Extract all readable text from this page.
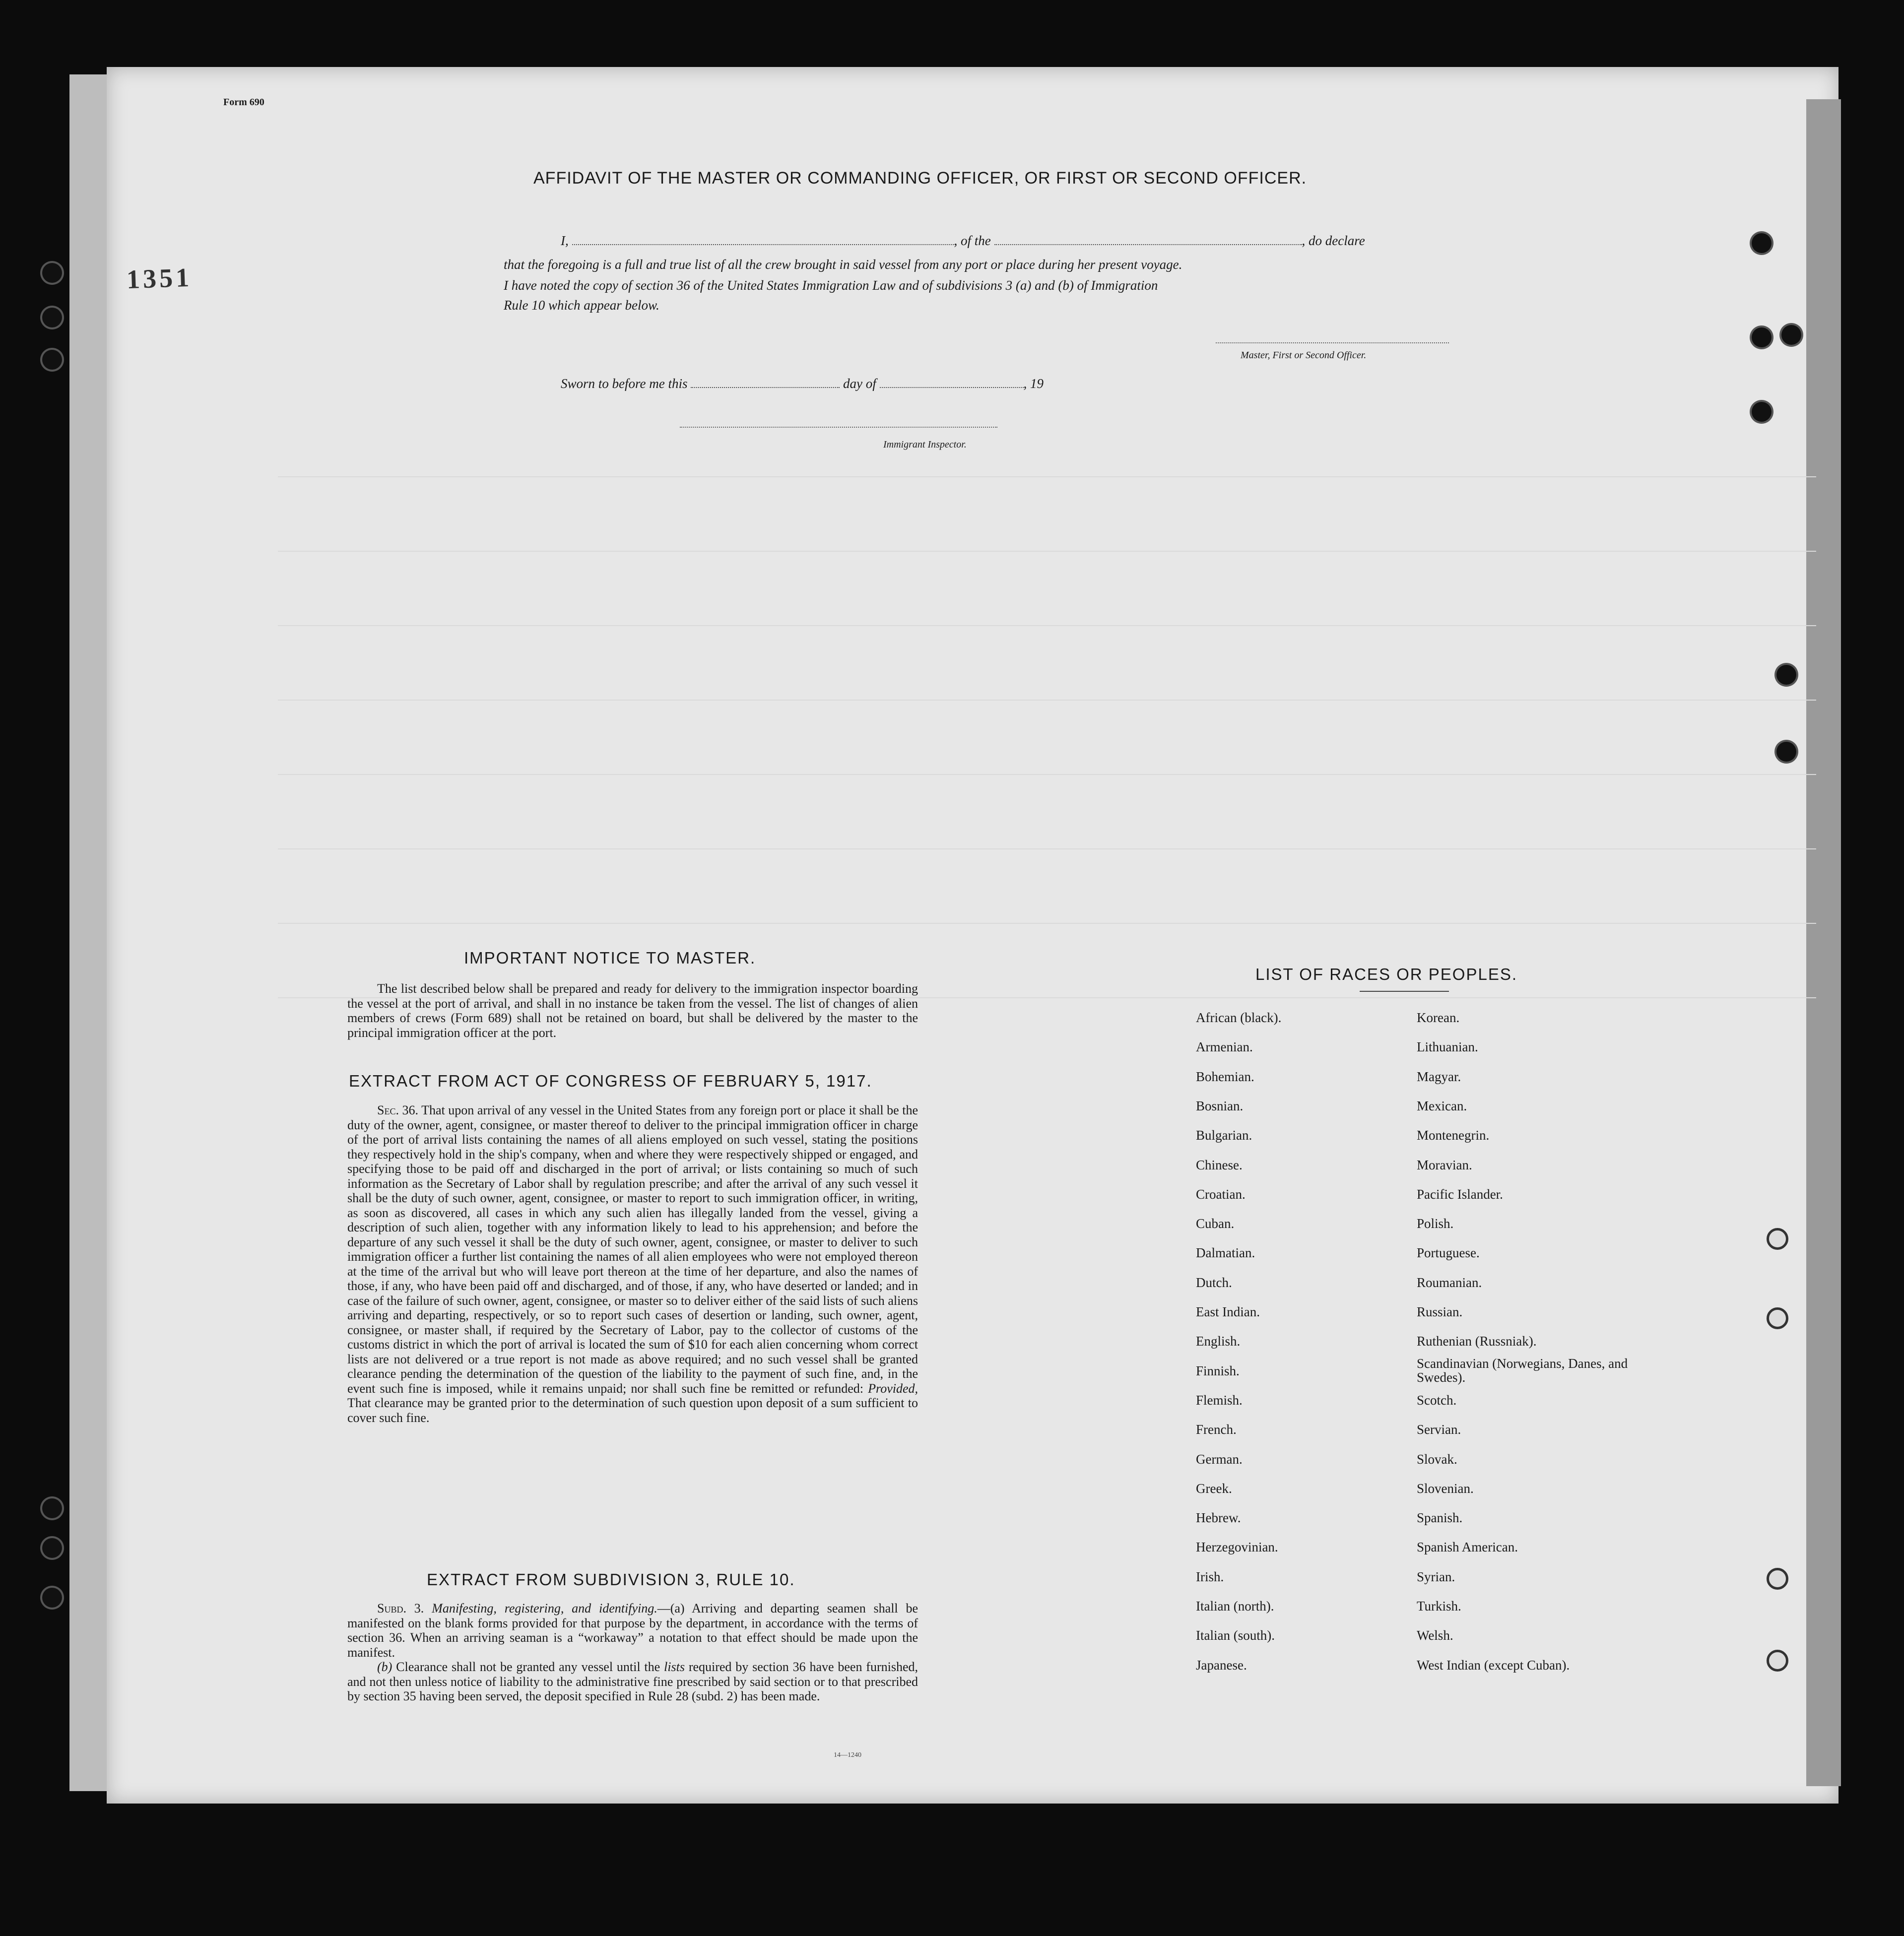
Form 690
1351
AFFIDAVIT OF THE MASTER OR COMMANDING OFFICER, OR FIRST OR SECOND OFFICER.
I,	, of the	, do declare
that the foregoing is a full and true list of all the crew brought in said vessel from any port or place during her present voyage.
I have noted the copy of section 36 of the United States Immigration Law and of subdivisions 3 (a) and (b) of Immigration
Rule 10 which appear below.
Master, First or Second Officer.
Sworn to before me this	day of	, 19
Immigrant Inspector.
IMPORTANT NOTICE TO MASTER.

The list described below shall be prepared and ready for delivery to the immigration inspector boarding the vessel at the port of arrival, and shall in no instance be taken from the vessel. The list of changes of alien members of crews (Form 689) shall not be retained on board, but shall be delivered by the master to the principal immigration officer at the port.

EXTRACT FROM ACT OF CONGRESS OF FEBRUARY 5, 1917.

Sec. 36. That upon arrival of any vessel in the United States from any foreign port or place it shall be the duty of the owner, agent, consignee, or master thereof to deliver to the principal immigration officer in charge of the port of arrival lists containing the names of all aliens employed on such vessel, stating the positions they respectively hold in the ship's company, when and where they were respectively shipped or engaged, and specifying those to be paid off and discharged in the port of arrival; or lists containing so much of such information as the Secretary of Labor shall by regulation prescribe; and after the arrival of any such vessel it shall be the duty of such owner, agent, consignee, or master to report to such immigration officer, in writing, as soon as discovered, all cases in which any such alien has illegally landed from the vessel, giving a description of such alien, together with any information likely to lead to his apprehension; and before the departure of any such vessel it shall be the duty of such owner, agent, consignee, or master to deliver to such immigration officer a further list containing the names of all alien employees who were not employed thereon at the time of the arrival but who will leave port thereon at the time of her departure, and also the names of those, if any, who have been paid off and discharged, and of those, if any, who have deserted or landed; and in case of the failure of such owner, agent, consignee, or master so to deliver either of the said lists of such aliens arriving and departing, respectively, or so to report such cases of desertion or landing, such owner, agent, consignee, or master shall, if required by the Secretary of Labor, pay to the collector of customs of the customs district in which the port of arrival is located the sum of $10 for each alien concerning whom correct lists are not delivered or a true report is not made as above required; and no such vessel shall be granted clearance pending the determination of the question of the liability to the payment of such fine, and, in the event such fine is imposed, while it remains unpaid; nor shall such fine be remitted or refunded: Provided, That clearance may be granted prior to the determination of such question upon deposit of a sum sufficient to cover such fine.

EXTRACT FROM SUBDIVISION 3, RULE 10.

Subd. 3. Manifesting, registering, and identifying.—(a) Arriving and departing seamen shall be manifested on the blank forms provided for that purpose by the department, in accordance with the terms of section 36. When an arriving seaman is a “workaway” a notation to that effect should be made upon the manifest.

(b) Clearance shall not be granted any vessel until the lists required by section 36 have been furnished, and not then unless notice of liability to the administrative fine prescribed by said section or to that prescribed by section 35 having been served, the deposit specified in Rule 28 (subd. 2) has been made.

14—1240
LIST OF RACES OR PEOPLES.
African (black).
Armenian.
Bohemian.
Bosnian.
Bulgarian.
Chinese.
Croatian.
Cuban.
Dalmatian.
Dutch.
East Indian.
English.
Finnish.
Flemish.
French.
German.
Greek.
Hebrew.
Herzegovinian.
Irish.
Italian (north).
Italian (south).
Japanese.
Korean.
Lithuanian.
Magyar.
Mexican.
Montenegrin.
Moravian.
Pacific Islander.
Polish.
Portuguese.
Roumanian.
Russian.
Ruthenian (Russniak).
Scandinavian (Norwegians, Danes, and Swedes).
Scotch.
Servian.
Slovak.
Slovenian.
Spanish.
Spanish American.
Syrian.
Turkish.
Welsh.
West Indian (except Cuban).
